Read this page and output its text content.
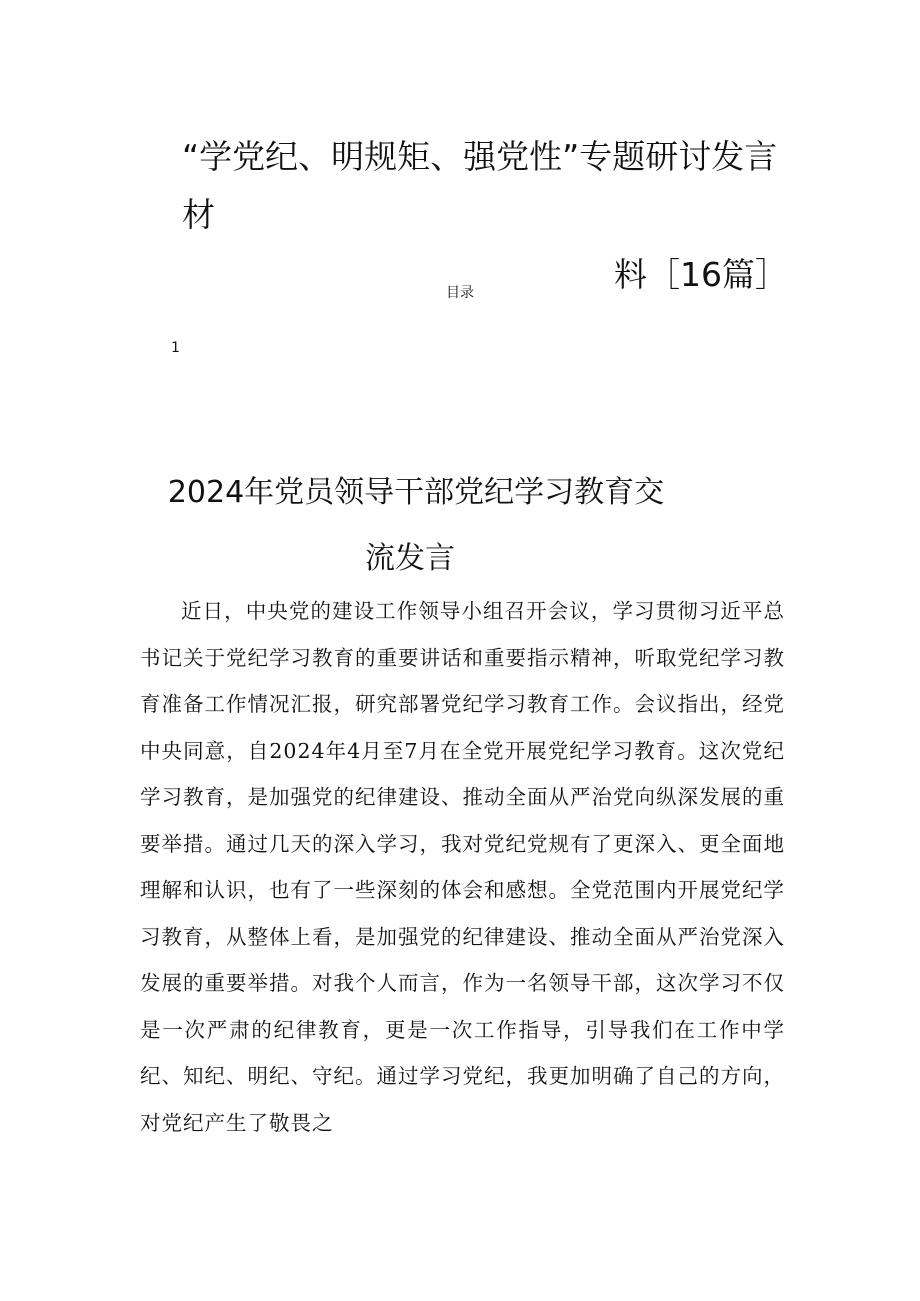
“学党纪、明规矩、强党性”专题研讨发言材
料［16篇］
目录
1
2024年党员领导干部党纪学习教育交
流发言

近日，中央党的建设工作领导小组召开会议，学习贯彻习近平总书记关于党纪学习教育的重要讲话和重要指示精神，听取党纪学习教育准备工作情况汇报，研究部署党纪学习教育工作。会议指出，经党中央同意，自2024年4月至7月在全党开展党纪学习教育。这次党纪学习教育，是加强党的纪律建设、推动全面从严治党向纵深发展的重要举措。通过几天的深入学习，我对党纪党规有了更深入、更全面地理解和认识，也有了一些深刻的体会和感想。全党范围内开展党纪学习教育，从整体上看，是加强党的纪律建设、推动全面从严治党深入发展的重要举措。对我个人而言，作为一名领导干部，这次学习不仅是一次严肃的纪律教育，更是一次工作指导，引导我们在工作中学纪、知纪、明纪、守纪。通过学习党纪，我更加明确了自己的方向，对党纪产生了敬畏之
